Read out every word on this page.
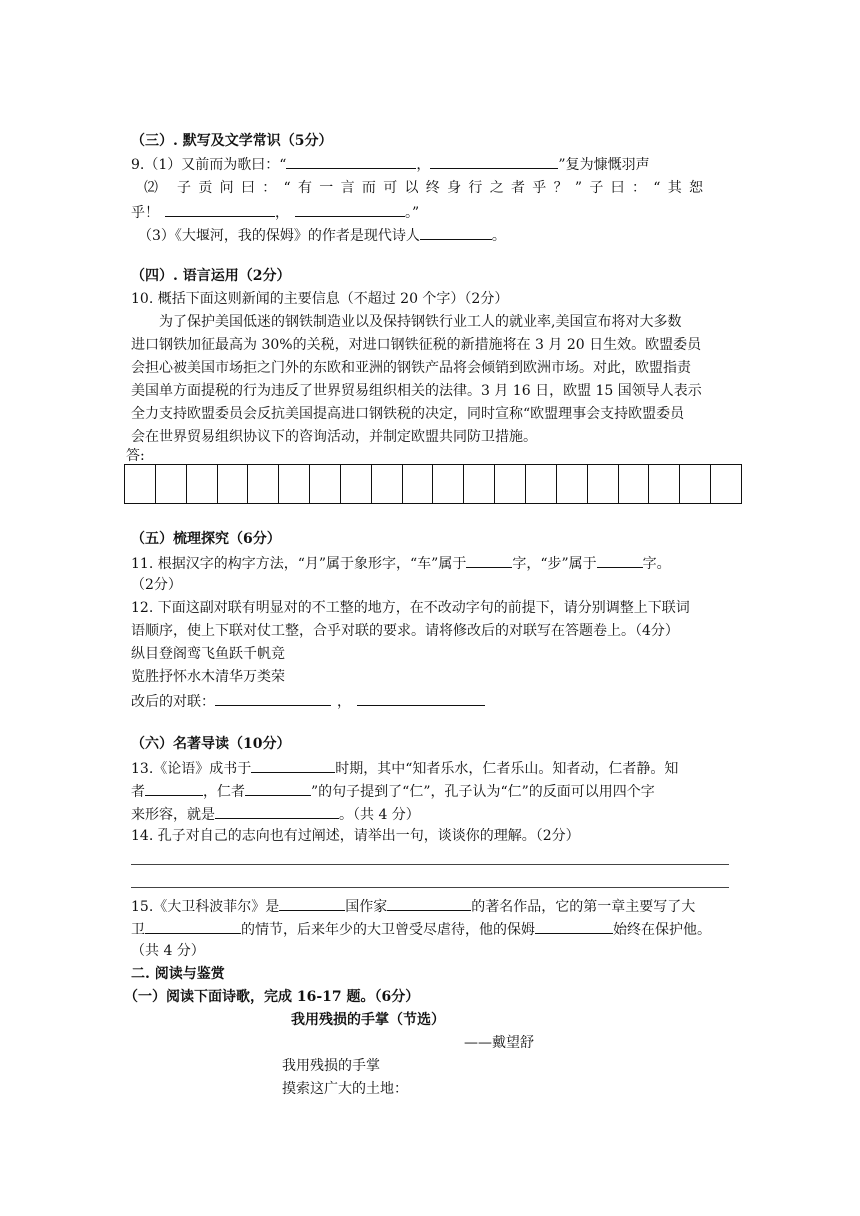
（三）. 默写及文学常识（5分）
9.（1）又前而为歌曰：“	，	”复为慷慨羽声
⑵ 子贡问曰：“有一言而可以终身行之者乎？”子曰：“其恕
乎！	，	。”
（3）《大堰河，我的保姆》的作者是现代诗人	。
（四）. 语言运用（2分）
10. 概括下面这则新闻的主要信息（不超过 20 个字）（2分）
为了保护美国低迷的钢铁制造业以及保持钢铁行业工人的就业率,美国宣布将对大多数
进口钢铁加征最高为 30%的关税，对进口钢铁征税的新措施将在 3 月 20 日生效。欧盟委员
会担心被美国市场拒之门外的东欧和亚洲的钢铁产品将会倾销到欧洲市场。对此，欧盟指责
美国单方面提税的行为违反了世界贸易组织相关的法律。3 月 16 日，欧盟 15 国领导人表示
全力支持欧盟委员会反抗美国提高进口钢铁税的决定，同时宣称“欧盟理事会支持欧盟委员
会在世界贸易组织协议下的咨询活动，并制定欧盟共同防卫措施。
答:
（五）梳理探究（6分）
11. 根据汉字的构字方法，“月”属于象形字，“车”属于	字，“步”属于	字。
（2分）
12. 下面这副对联有明显对的不工整的地方，在不改动字句的前提下，请分别调整上下联词
语顺序，使上下联对仗工整，合乎对联的要求。请将修改后的对联写在答题卷上。（4分）
纵目登阁鸾飞鱼跃千帆竞
览胜抒怀水木清华万类荣
改后的对联：	，
（六）名著导读（10分）
13.《论语》成书于	时期，其中“知者乐水，仁者乐山。知者动，仁者静。知
者	，仁者	”的句子提到了“仁”，孔子认为“仁”的反面可以用四个字
来形容，就是	。（共 4 分）
14. 孔子对自己的志向也有过阐述，请举出一句，谈谈你的理解。（2分）
15.《大卫科波菲尔》是	国作家	的著名作品，它的第一章主要写了大
卫	的情节，后来年少的大卫曾受尽虐待，他的保姆	始终在保护他。
（共 4 分）
二. 阅读与鉴赏
（一）阅读下面诗歌，完成 16-17 题。（6分）
我用残损的手掌（节选）
——戴望舒
我用残损的手掌
摸索这广大的土地：
